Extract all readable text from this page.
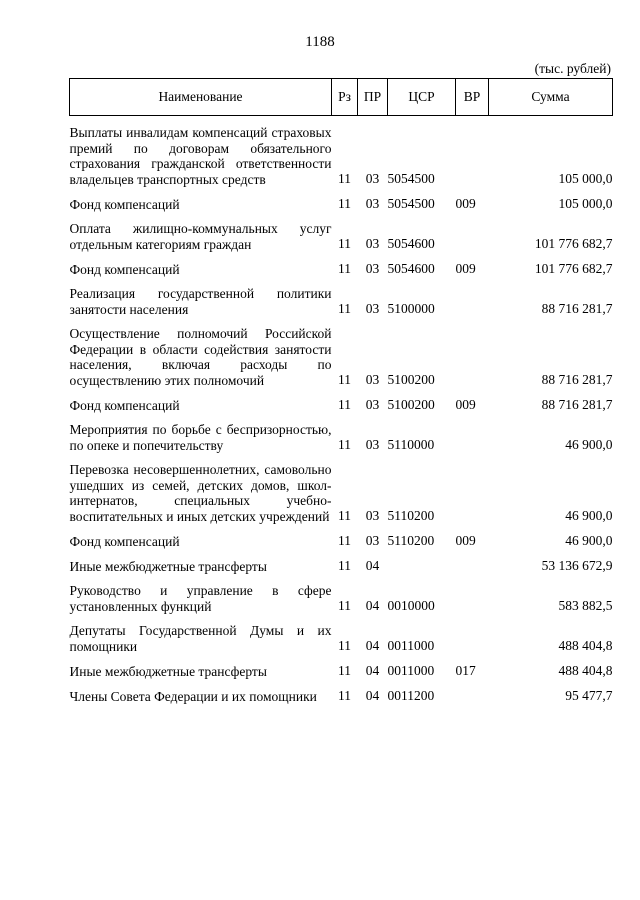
1188
(тыс. рублей)
Наименование	Рз	ПР	ЦСР	ВР	Сумма

Выплаты инвалидам компенсаций страховых премий по договорам обязательного страхования гражданской ответственности владельцев транспортных средств	11	03	5054500		105 000,0

Фонд компенсаций	11	03	5054500	009	105 000,0

Оплата жилищно-коммунальных услуг отдельным категориям граждан	11	03	5054600		101 776 682,7

Фонд компенсаций	11	03	5054600	009	101 776 682,7

Реализация государственной политики занятости населения	11	03	5100000		88 716 281,7

Осуществление полномочий Российской Федерации в области содействия занятости населения, включая расходы по осуществлению этих полномочий	11	03	5100200		88 716 281,7

Фонд компенсаций	11	03	5100200	009	88 716 281,7

Мероприятия по борьбе с беспризорностью, по опеке и попечительству	11	03	5110000		46 900,0

Перевозка несовершеннолетних, самовольно ушедших из семей, детских домов, школ-интернатов, специальных учебно-воспитательных и иных детских учреждений	11	03	5110200		46 900,0

Фонд компенсаций	11	03	5110200	009	46 900,0

Иные межбюджетные трансферты	11	04			53 136 672,9

Руководство и управление в сфере установленных функций	11	04	0010000		583 882,5

Депутаты Государственной Думы и их помощники	11	04	0011000		488 404,8

Иные межбюджетные трансферты	11	04	0011000	017	488 404,8

Члены Совета Федерации и их помощники	11	04	0011200		95 477,7
